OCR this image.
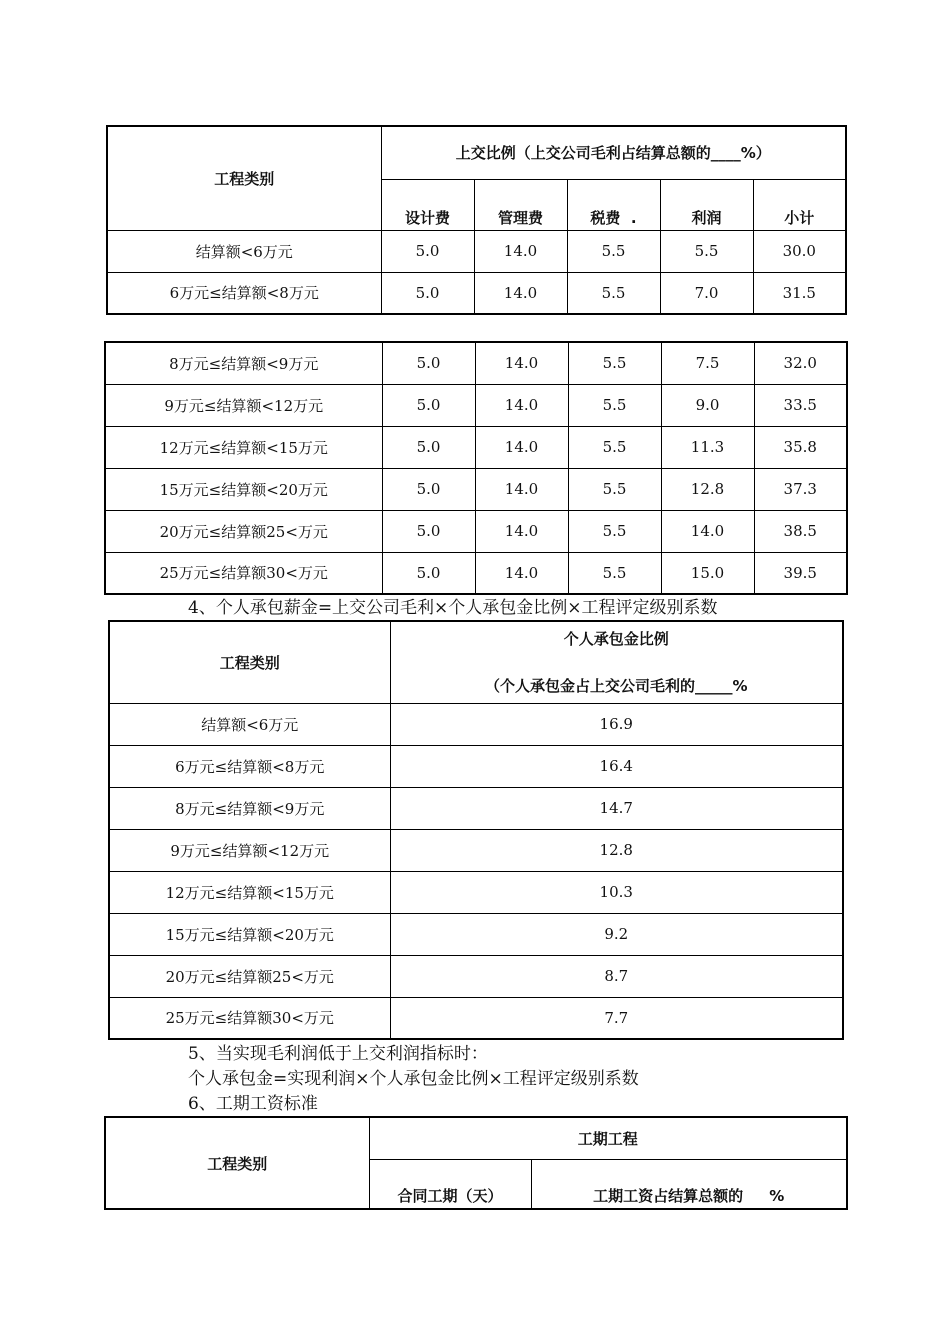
工程类别	上交比例（上交公司毛利占结算总额的____%）				
	设计费	管理费	税费  .	利润	小计
结算额<6万元	5.0	14.0	5.5	5.5	30.0
6万元≤结算额<8万元	5.0	14.0	5.5	7.0	31.5
8万元≤结算额<9万元	5.0	14.0	5.5	7.5	32.0
9万元≤结算额<12万元	5.0	14.0	5.5	9.0	33.5
12万元≤结算额<15万元	5.0	14.0	5.5	11.3	35.8
15万元≤结算额<20万元	5.0	14.0	5.5	12.8	37.3
20万元≤结算额25<万元	5.0	14.0	5.5	14.0	38.5
25万元≤结算额30<万元	5.0	14.0	5.5	15.0	39.5
4、个人承包薪金=上交公司毛利×个人承包金比例×工程评定级别系数
工程类别	个人承包金比例
（个人承包金占上交公司毛利的_____%

结算额<6万元	16.9
6万元≤结算额<8万元	16.4
8万元≤结算额<9万元	14.7
9万元≤结算额<12万元	12.8
12万元≤结算额<15万元	10.3
15万元≤结算额<20万元	9.2
20万元≤结算额25<万元	8.7
25万元≤结算额30<万元	7.7
5、当实现毛利润低于上交利润指标时：
个人承包金=实现利润×个人承包金比例×工程评定级别系数
6、工期工资标准
工程类别	工期工程	
	合同工期（天）	工期工资占结算总额的     %
